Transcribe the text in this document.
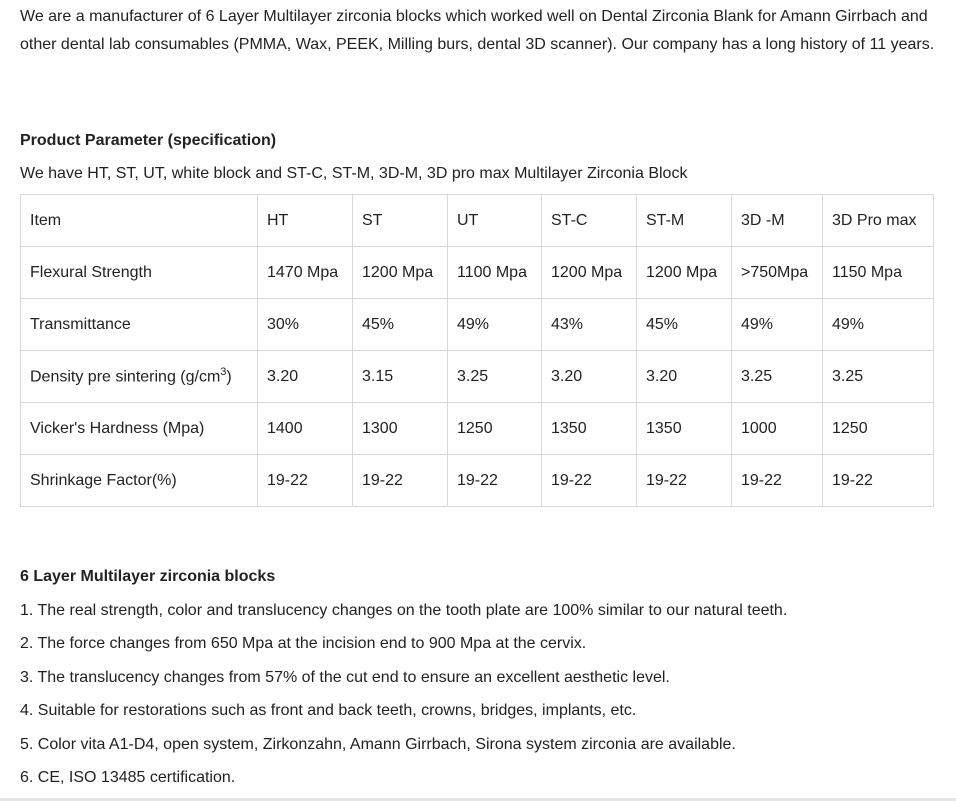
We are a manufacturer of 6 Layer Multilayer zirconia blocks which worked well on Dental Zirconia Blank for Amann Girrbach and other dental lab consumables (PMMA, Wax, PEEK, Milling burs, dental 3D scanner). Our company has a long history of 11 years.

Product Parameter (specification)

We have HT, ST, UT, white block and ST-C, ST-M, 3D-M, 3D pro max Multilayer Zirconia Block

Item	HT	ST	UT	ST-C	ST-M	3D -M	3D Pro max
Flexural Strength	1470 Mpa	1200 Mpa	1100 Mpa	1200 Mpa	1200 Mpa	>750Mpa	1150 Mpa
Transmittance	30%	45%	49%	43%	45%	49%	49%
Density pre sintering $(g/cm^3)$	3.20	3.15	3.25	3.20	3.20	3.25	3.25
Vicker's Hardness (Mpa)	1400	1300	1250	1350	1350	1000	1250
Shrinkage Factor(%)	19-22	19-22	19-22	19-22	19-22	19-22	19-22

6 Layer Multilayer zirconia blocks

1. The real strength, color and translucency changes on the tooth plate are 100% similar to our natural teeth.

2. The force changes from 650 Mpa at the incision end to 900 Mpa at the cervix.

3. The translucency changes from 57% of the cut end to ensure an excellent aesthetic level.

4. Suitable for restorations such as front and back teeth, crowns, bridges, implants, etc.

5. Color vita A1-D4, open system, Zirkonzahn, Amann Girrbach, Sirona system zirconia are available.

6. CE, ISO 13485 certification.
